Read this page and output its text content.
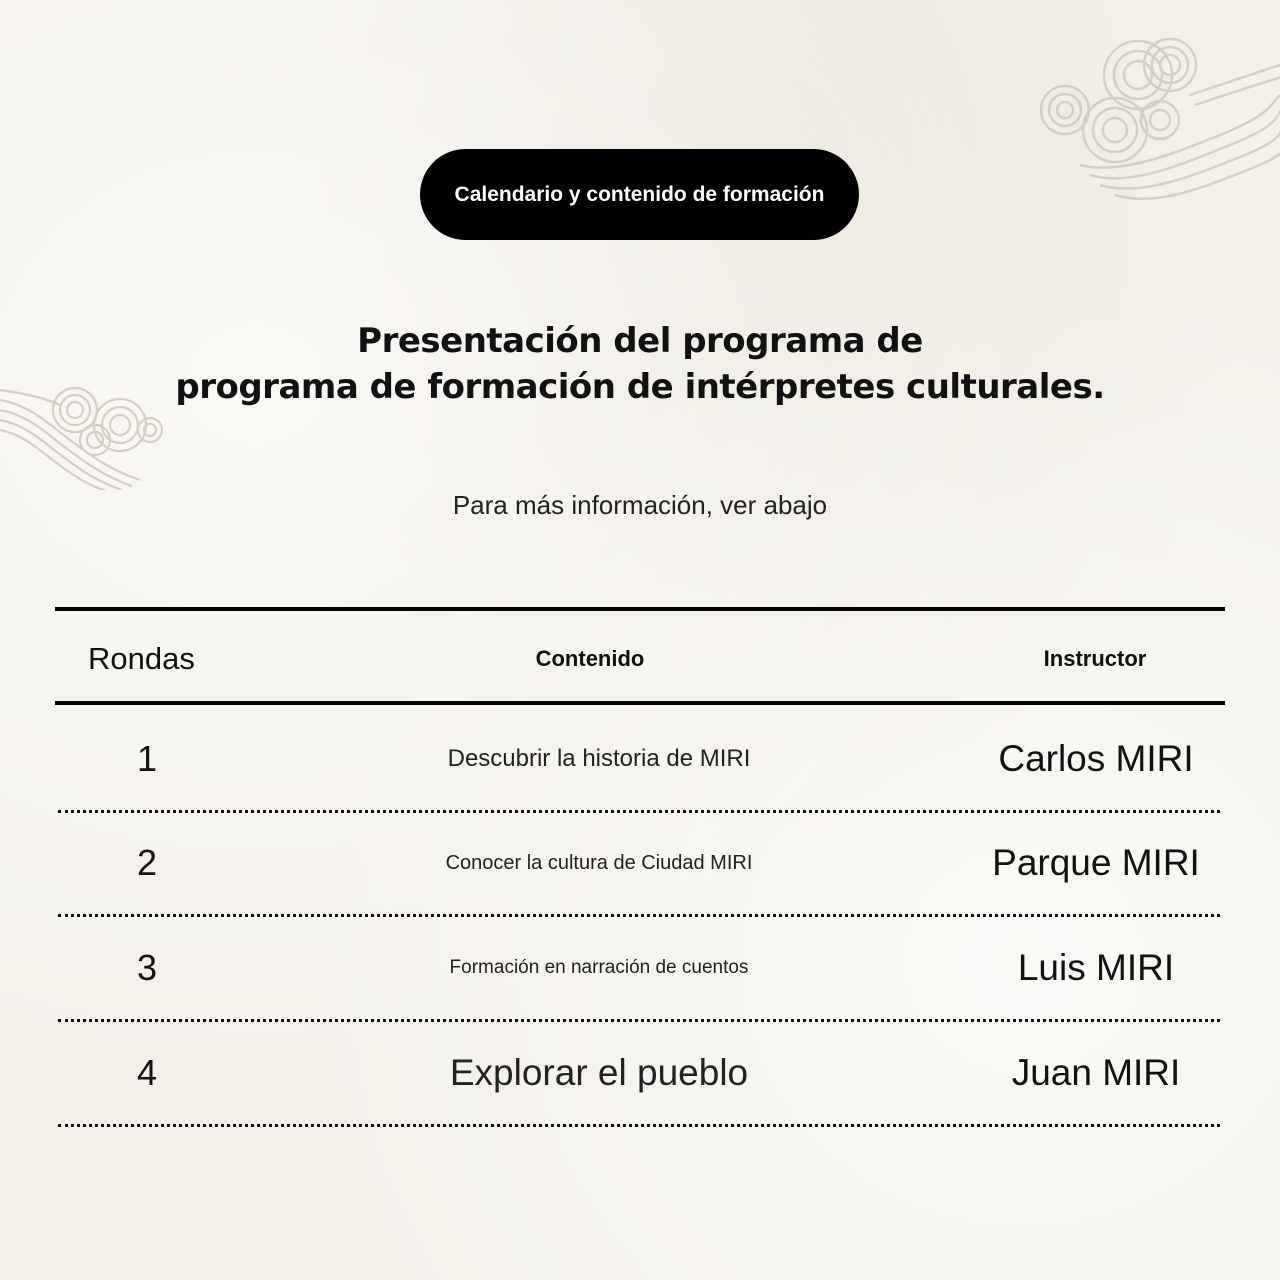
Calendario y contenido de formación
Presentación del programa de
programa de formación de intérpretes culturales.
Para más información, ver abajo
Rondas	Contenido	Instructor
1	Descubrir la historia de MIRI	Carlos MIRI
2	Conocer la cultura de Ciudad MIRI	Parque MIRI
3	Formación en narración de cuentos	Luis MIRI
4	Explorar el pueblo	Juan MIRI
